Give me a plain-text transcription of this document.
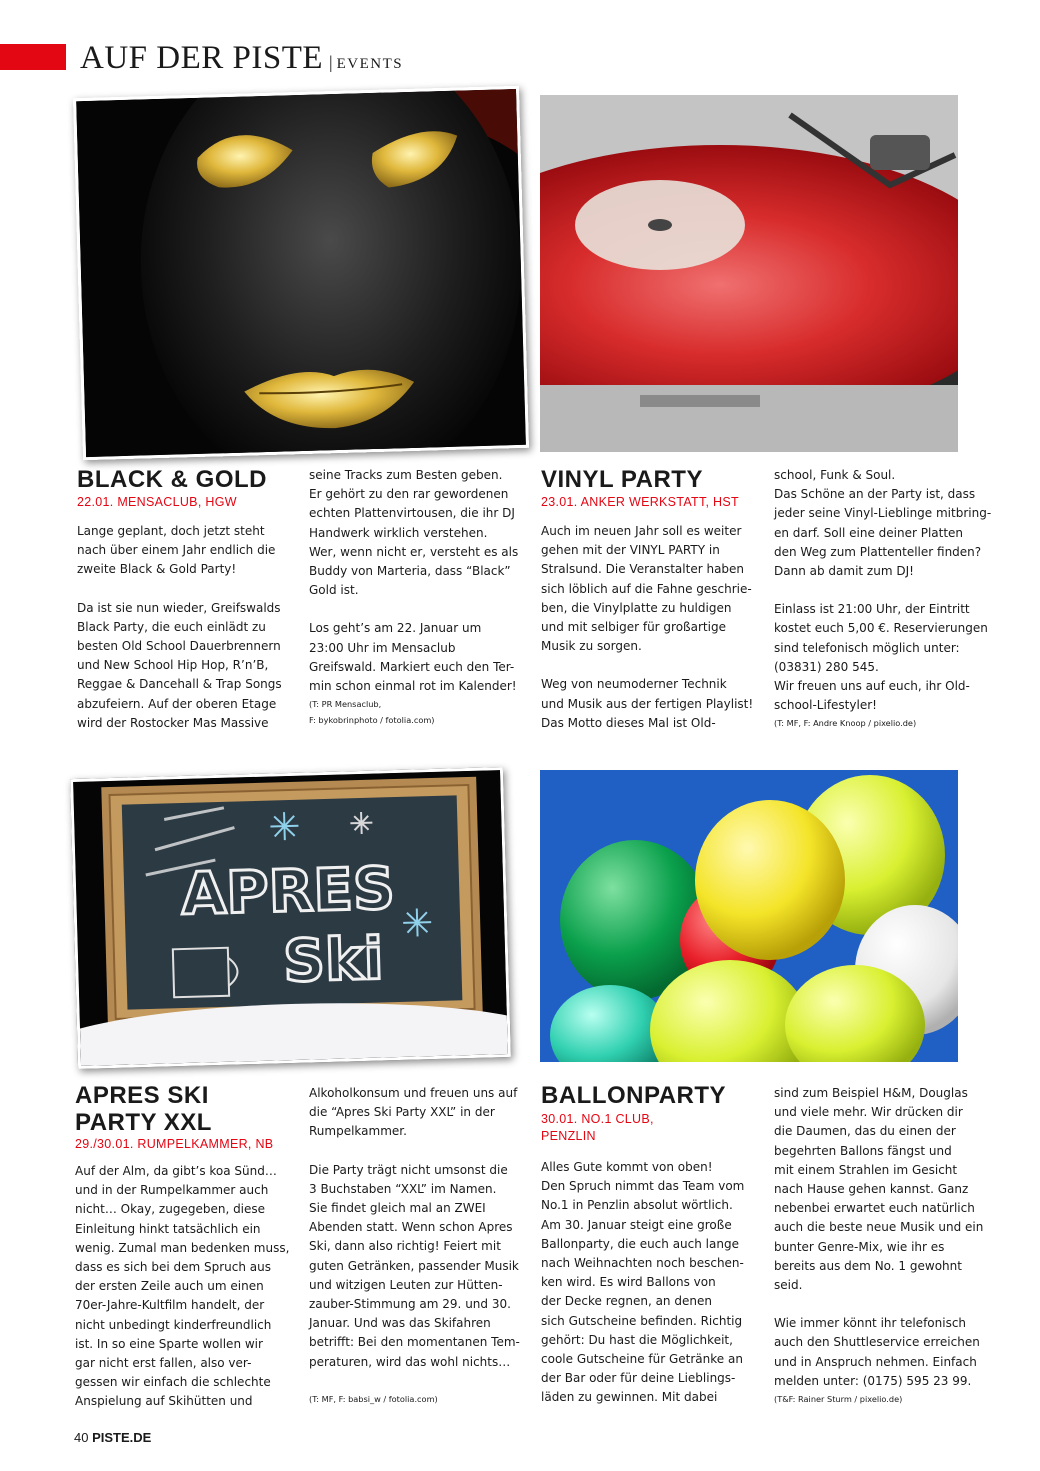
AUF DER PISTE | EVENTS
BLACK & GOLD
22.01. MENSACLUB, HGW

Lange geplant, doch jetzt steht

nach über einem Jahr endlich die

zweite Black & Gold Party!

Da ist sie nun wieder, Greifswalds

Black Party, die euch einlädt zu

besten Old School Dauerbrennern

und New School Hip Hop, R’n’B,

Reggae & Dancehall & Trap Songs

abzufeiern. Auf der oberen Etage

wird der Rostocker Mas Massive

seine Tracks zum Besten geben.

Er gehört zu den rar gewordenen

echten Plattenvirtousen, die ihr DJ

Handwerk wirklich verstehen.

Wer, wenn nicht er, versteht es als

Buddy von Marteria, dass “Black”

Gold ist.

Los geht’s am 22. Januar um

23:00 Uhr im Mensaclub

Greifswald. Markiert euch den Ter-

min schon einmal rot im Kalender!

(T: PR Mensaclub,

F: bykobrinphoto / fotolia.com)

VINYL PARTY
23.01. ANKER WERKSTATT, HST

Auch im neuen Jahr soll es weiter

gehen mit der VINYL PARTY in

Stralsund. Die Veranstalter haben

sich löblich auf die Fahne geschrie-

ben, die Vinylplatte zu huldigen

und mit selbiger für großartige

Musik zu sorgen.

Weg von neumoderner Technik

und Musik aus der fertigen Playlist!

Das Motto dieses Mal ist Old-

school, Funk & Soul.

Das Schöne an der Party ist, dass

jeder seine Vinyl-Lieblinge mitbring-

en darf. Soll eine deiner Platten

den Weg zum Plattenteller finden?

Dann ab damit zum DJ!

Einlass ist 21:00 Uhr, der Eintritt

kostet euch 5,00 €. Reservierungen

sind telefonisch möglich unter:

(03831) 280 545.

Wir freuen uns auf euch, ihr Old-

school-Lifestyler!

(T: MF, F: Andre Knoop / pixelio.de)

APRES
Ski
APRES SKI
PARTY XXL
29./30.01. RUMPELKAMMER, NB

Auf der Alm, da gibt’s koa Sünd…

und in der Rumpelkammer auch

nicht… Okay, zugegeben, diese

Einleitung hinkt tatsächlich ein

wenig. Zumal man bedenken muss,

dass es sich bei dem Spruch aus

der ersten Zeile auch um einen

70er-Jahre-Kultfilm handelt, der

nicht unbedingt kinderfreundlich

ist. In so eine Sparte wollen wir

gar nicht erst fallen, also ver-

gessen wir einfach die schlechte

Anspielung auf Skihütten und

Alkoholkonsum und freuen uns auf

die “Apres Ski Party XXL” in der

Rumpelkammer.

Die Party trägt nicht umsonst die

3 Buchstaben “XXL” im Namen.

Sie findet gleich mal an ZWEI

Abenden statt. Wenn schon Apres

Ski, dann also richtig! Feiert mit

guten Getränken, passender Musik

und witzigen Leuten zur Hütten-

zauber-Stimmung am 29. und 30.

Januar. Und was das Skifahren

betrifft: Bei den momentanen Tem-

peraturen, wird das wohl nichts…

(T: MF, F: babsi_w / fotolia.com)

BALLONPARTY
30.01. NO.1 CLUB,
PENZLIN

Alles Gute kommt von oben!

Den Spruch nimmt das Team vom

No.1 in Penzlin absolut wörtlich.

Am 30. Januar steigt eine große

Ballonparty, die euch auch lange

nach Weihnachten noch beschen-

ken wird. Es wird Ballons von

der Decke regnen, an denen

sich Gutscheine befinden. Richtig

gehört: Du hast die Möglichkeit,

coole Gutscheine für Getränke an

der Bar oder für deine Lieblings-

läden zu gewinnen. Mit dabei

sind zum Beispiel H&M, Douglas

und viele mehr. Wir drücken dir

die Daumen, das du einen der

begehrten Ballons fängst und

mit einem Strahlen im Gesicht

nach Hause gehen kannst. Ganz

nebenbei erwartet euch natürlich

auch die beste neue Musik und ein

bunter Genre-Mix, wie ihr es

bereits aus dem No. 1 gewohnt

seid.

Wie immer könnt ihr telefonisch

auch den Shuttleservice erreichen

und in Anspruch nehmen. Einfach

melden unter: (0175) 595 23 99.

(T&F: Rainer Sturm / pixelio.de)

40 PISTE.DE
